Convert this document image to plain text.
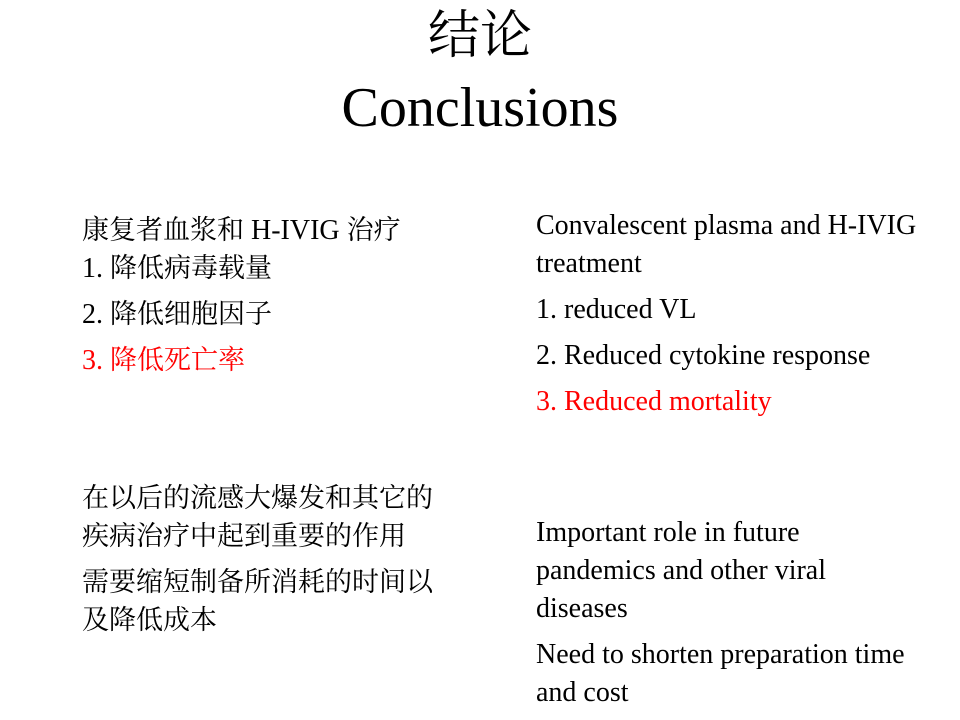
结论
Conclusions

康复者血浆和 H-IVIG 治疗

1. 降低病毒载量

2. 降低细胞因子

3. 降低死亡率

在以后的流感大爆发和其它的疾病治疗中起到重要的作用

需要缩短制备所消耗的时间以及降低成本

Convalescent plasma and H-IVIG treatment

1. reduced VL

2. Reduced cytokine response

3. Reduced mortality

Important role in future pandemics and other viral diseases

Need to shorten preparation time and cost
